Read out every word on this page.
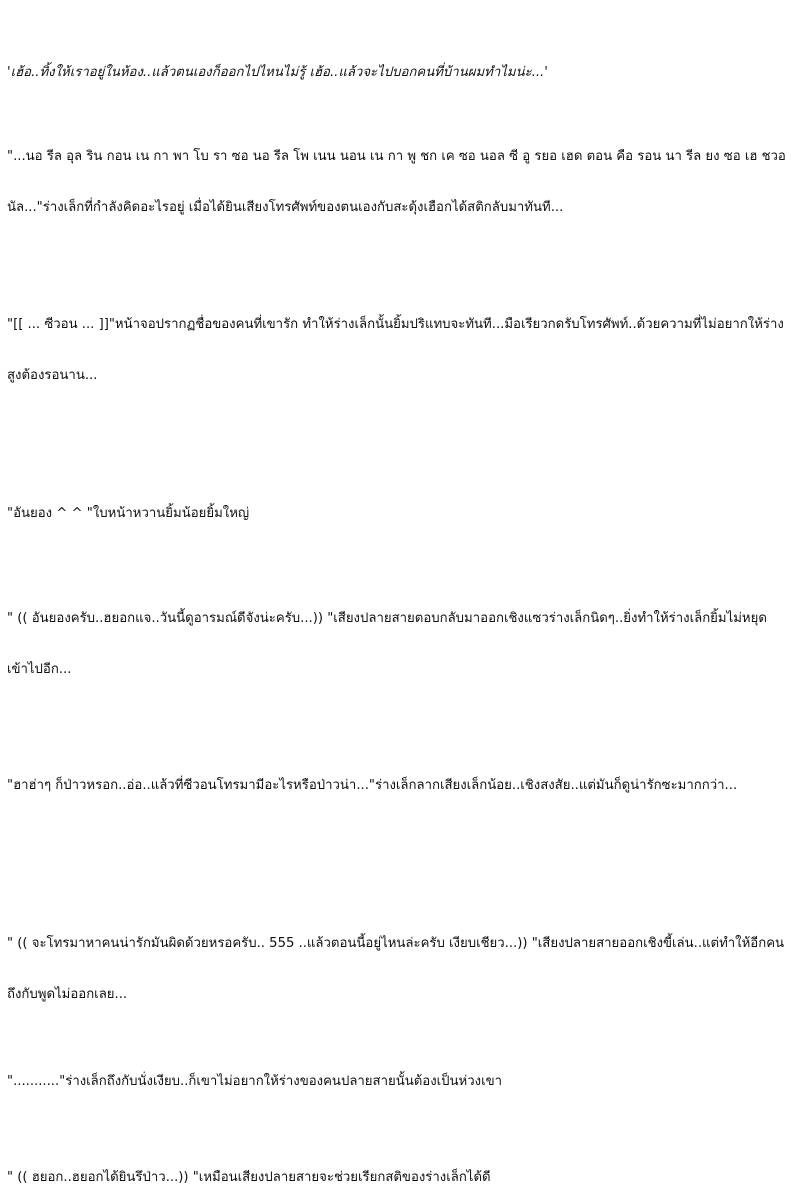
'เฮ้อ..ทิ้งให้เราอยู่ในห้อง..แล้วตนเองก็ออกไปไหนไม่รู้ เฮ้อ..แล้วจะไปบอกคนที่บ้านผมทำไมน่ะ...'

"...นอ รีล อุล ริน กอน เน กา พา โบ รา ซอ นอ รีล โพ เนน นอน เน กา พู ชก เค ซอ นอล ซี อู รยอ เฮด ตอน คือ รอน นา รีล ยง ซอ เฮ ชวอ นัล..."ร่างเล็กที่กำลังคิดอะไรอยู่ เมื่อได้ยินเสียงโทรศัพท์ของตนเองกับสะดุ้งเฮือกได้สติกลับมาทันที...

"[[ ... ซีวอน ... ]]"หน้าจอปรากฏชื่อของคนที่เขารัก ทำให้ร่างเล็กนั้นยิ้มปริแทบจะทันที...มือเรียวกดรับโทรศัพท์..ด้วยความที่ไม่อยากให้ร่างสูงต้องรอนาน...

"อันยอง ^ ^ "ใบหน้าหวานยิ้มน้อยยิ้มใหญ่

" (( อันยองครับ..ฮยอกแจ..วันนี้ดูอารมณ์ดีจังน่ะครับ...)) "เสียงปลายสายตอบกลับมาออกเชิงแซวร่างเล็กนิดๆ..ยิ่งทำให้ร่างเล็กยิ้มไม่หยุดเข้าไปอีก...

"ฮาฮ่าๆ ก็ป่าวหรอก..อ่อ..แล้วที่ซีวอนโทรมามีอะไรหรือป่าวน่า..."ร่างเล็กลากเสียงเล็กน้อย..เชิงสงสัย..แต่มันก็ดูน่ารักซะมากกว่า...

" (( จะโทรมาหาคนน่ารักมันผิดด้วยหรอครับ.. 555 ..แล้วตอนนี้อยู่ไหนล่ะครับ เงียบเชียว...)) "เสียงปลายสายออกเชิงขี้เล่น..แต่ทำให้อีกคนถึงกับพูดไม่ออกเลย...

"..........."ร่างเล็กถึงกับนั่งเงียบ..ก็เขาไม่อยากให้ร่างของคนปลายสายนั้นต้องเป็นห่วงเขา

" (( ฮยอก..ฮยอกได้ยินรึป่าว...)) "เหมือนเสียงปลายสายจะช่วยเรียกสติของร่างเล็กได้ดี
